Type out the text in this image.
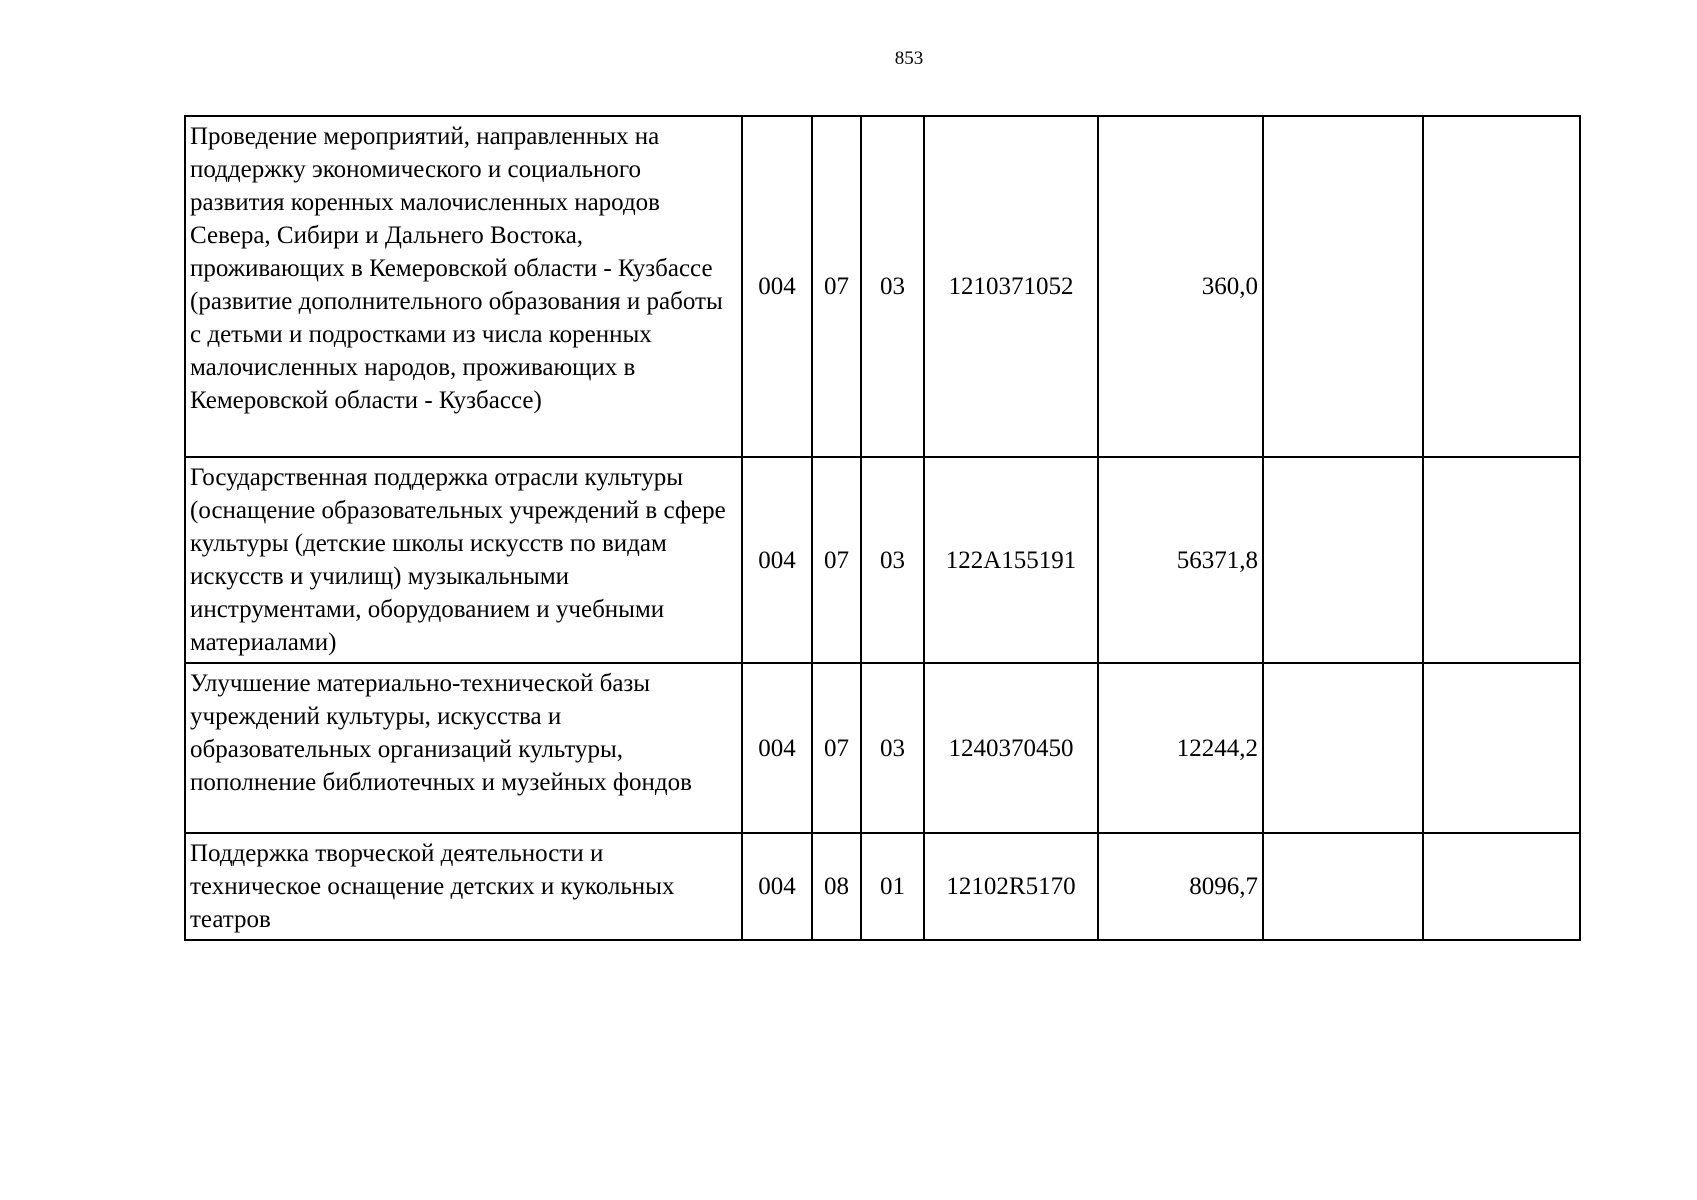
853
Проведение мероприятий, направленных на поддержку экономического и социального развития коренных малочисленных народов Севера, Сибири и Дальнего Востока, проживающих в Кемеровской области - Кузбассе (развитие дополнительного образования и работы с детьми и подростками из числа коренных малочисленных народов, проживающих в Кемеровской области - Кузбассе)	004	07	03	1210371052	360,0		
Государственная поддержка отрасли культуры (оснащение образовательных учреждений в сфере культуры (детские школы искусств по видам искусств и училищ) музыкальными инструментами, оборудованием и учебными материалами)	004	07	03	122A155191	56371,8		
Улучшение материально-технической базы учреждений культуры, искусства и образовательных организаций культуры, пополнение библиотечных и музейных фондов	004	07	03	1240370450	12244,2		
Поддержка творческой деятельности и техническое оснащение детских и кукольных театров	004	08	01	12102R5170	8096,7		
